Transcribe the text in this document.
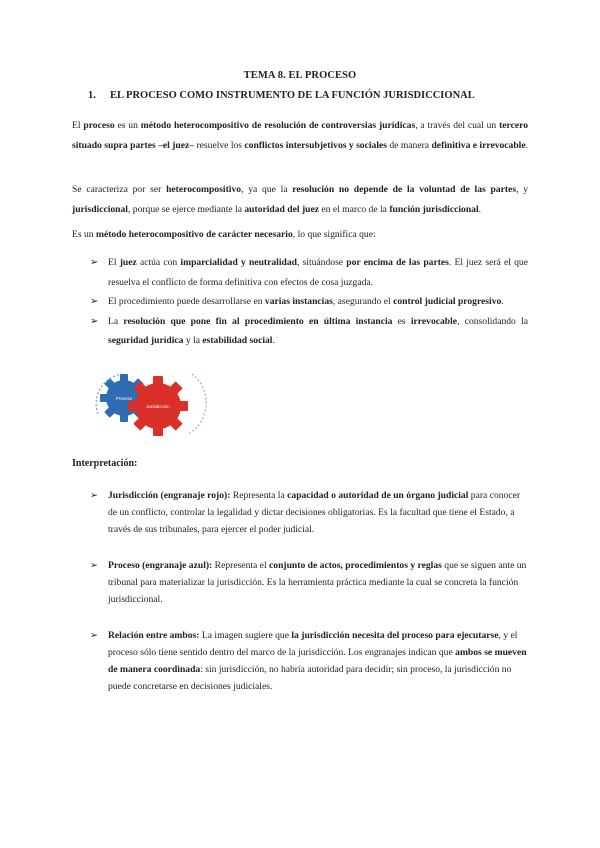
TEMA 8. EL PROCESO
1. EL PROCESO COMO INSTRUMENTO DE LA FUNCIÓN JURISDICCIONAL
El proceso es un método heterocompositivo de resolución de controversias jurídicas, a través del cual un tercero situado supra partes –el juez– resuelve los conflictos intersubjetivos y sociales de manera definitiva e irrevocable.
Se caracteriza por ser heterocompositivo, ya que la resolución no depende de la voluntad de las partes, y jurisdiccional, porque se ejerce mediante la autoridad del juez en el marco de la función jurisdiccional.
Es un método heterocompositivo de carácter necesario, lo que significa que:
➢ El juez actúa con imparcialidad y neutralidad, situándose por encima de las partes. El juez será el que resuelva el conflicto de forma definitiva con efectos de cosa juzgada.
➢ El procedimiento puede desarrollarse en varias instancias, asegurando el control judicial progresivo.
➢ La resolución que pone fin al procedimiento en última instancia es irrevocable, consolidando la seguridad jurídica y la estabilidad social.
Proceso
Jurisdicción
Interpretación:
➢ Jurisdicción (engranaje rojo): Representa la capacidad o autoridad de un órgano judicial para conocer de un conflicto, controlar la legalidad y dictar decisiones obligatorias. Es la facultad que tiene el Estado, a través de sus tribunales, para ejercer el poder judicial.
➢ Proceso (engranaje azul): Representa el conjunto de actos, procedimientos y reglas que se siguen ante un tribunal para materializar la jurisdicción. Es la herramienta práctica mediante la cual se concreta la función jurisdiccional.
➢ Relación entre ambos: La imagen sugiere que la jurisdicción necesita del proceso para ejecutarse, y el proceso sólo tiene sentido dentro del marco de la jurisdicción. Los engranajes indican que ambos se mueven de manera coordinada: sin jurisdicción, no habría autoridad para decidir; sin proceso, la jurisdicción no puede concretarse en decisiones judiciales.
